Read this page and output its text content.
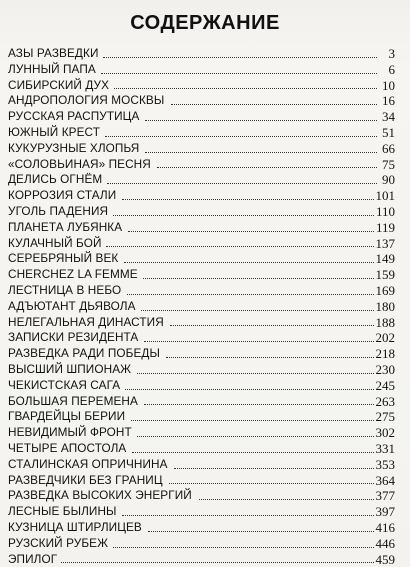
СОДЕРЖАНИЕ
АЗЫ РАЗВЕДКИ	3
ЛУННЫЙ ПАПА	6
СИБИРСКИЙ ДУХ	10
АНДРОПОЛОГИЯ МОСКВЫ	16
РУССКАЯ РАСПУТИЦА	34
ЮЖНЫЙ КРЕСТ	51
КУКУРУЗНЫЕ ХЛОПЬЯ	66
«СОЛОВЬИНАЯ» ПЕСНЯ	75
ДЕЛИСЬ ОГНЁМ	90
КОРРОЗИЯ СТАЛИ	101
УГОЛЬ ПАДЕНИЯ	110
ПЛАНЕТА ЛУБЯНКА	119
КУЛАЧНЫЙ БОЙ	137
СЕРЕБРЯНЫЙ ВЕК	149
CHERCHEZ LA FEMME	159
ЛЕСТНИЦА В НЕБО	169
АДЪЮТАНТ ДЬЯВОЛА	180
НЕЛЕГАЛЬНАЯ ДИНАСТИЯ	188
ЗАПИСКИ РЕЗИДЕНТА	202
РАЗВЕДКА РАДИ ПОБЕДЫ	218
ВЫСШИЙ ШПИОНАЖ	230
ЧЕКИСТСКАЯ САГА	245
БОЛЬШАЯ ПЕРЕМЕНА	263
ГВАРДЕЙЦЫ БЕРИИ	275
НЕВИДИМЫЙ ФРОНТ	302
ЧЕТЫРЕ АПОСТОЛА	331
СТАЛИНСКАЯ ОПРИЧНИНА	353
РАЗВЕДЧИКИ БЕЗ ГРАНИЦ	364
РАЗВЕДКА ВЫСОКИХ ЭНЕРГИЙ	377
ЛЕСНЫЕ БЫЛИНЫ	397
КУЗНИЦА ШТИРЛИЦЕВ	416
РУЗСКИЙ РУБЕЖ	446
ЭПИЛОГ	459
